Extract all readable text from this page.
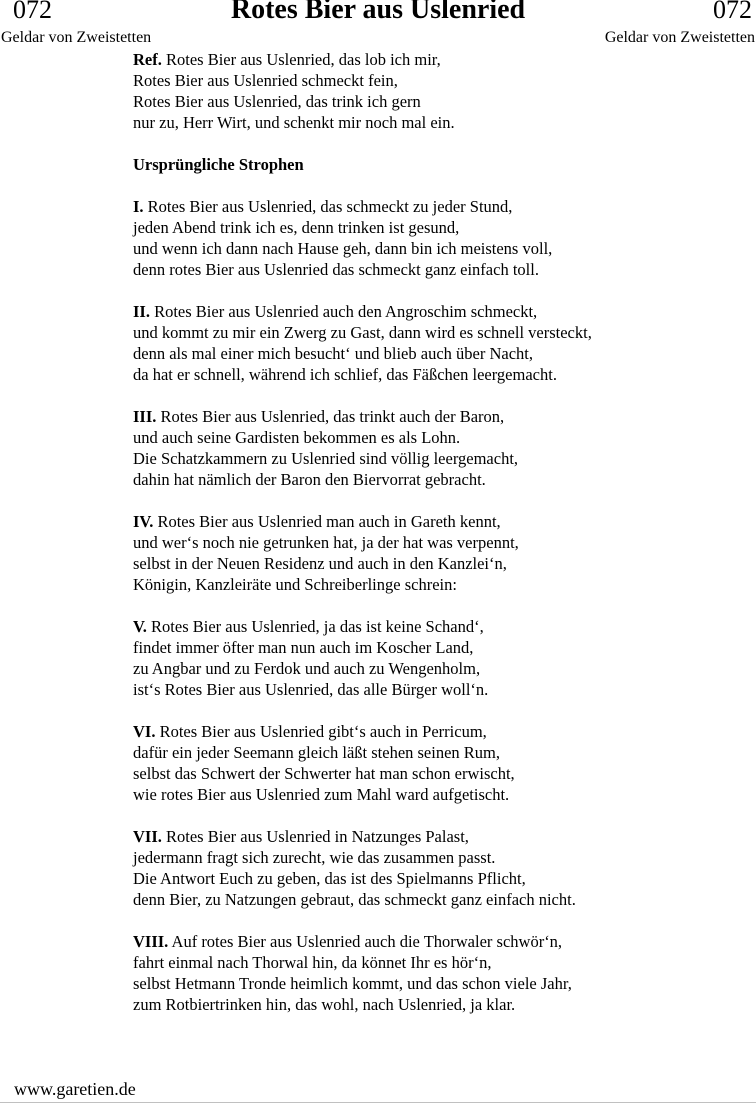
072	Rotes Bier aus Uslenried	072
Geldar von Zweistetten	Geldar von Zweistetten

Ref. Rotes Bier aus Uslenried, das lob ich mir,
Rotes Bier aus Uslenried schmeckt fein,
Rotes Bier aus Uslenried, das trink ich gern
nur zu, Herr Wirt, und schenkt mir noch mal ein.

Ursprüngliche Strophen

I. Rotes Bier aus Uslenried, das schmeckt zu jeder Stund,
jeden Abend trink ich es, denn trinken ist gesund,
und wenn ich dann nach Hause geh, dann bin ich meistens voll,
denn rotes Bier aus Uslenried das schmeckt ganz einfach toll.

II. Rotes Bier aus Uslenried auch den Angroschim schmeckt,
und kommt zu mir ein Zwerg zu Gast, dann wird es schnell versteckt,
denn als mal einer mich besucht‘ und blieb auch über Nacht,
da hat er schnell, während ich schlief, das Fäßchen leergemacht.

III. Rotes Bier aus Uslenried, das trinkt auch der Baron,
und auch seine Gardisten bekommen es als Lohn.
Die Schatzkammern zu Uslenried sind völlig leergemacht,
dahin hat nämlich der Baron den Biervorrat gebracht.

IV. Rotes Bier aus Uslenried man auch in Gareth kennt,
und wer‘s noch nie getrunken hat, ja der hat was verpennt,
selbst in der Neuen Residenz und auch in den Kanzlei‘n,
Königin, Kanzleiräte und Schreiberlinge schrein:

V. Rotes Bier aus Uslenried, ja das ist keine Schand‘,
findet immer öfter man nun auch im Koscher Land,
zu Angbar und zu Ferdok und auch zu Wengenholm,
ist‘s Rotes Bier aus Uslenried, das alle Bürger woll‘n.

VI. Rotes Bier aus Uslenried gibt‘s auch in Perricum,
dafür ein jeder Seemann gleich läßt stehen seinen Rum,
selbst das Schwert der Schwerter hat man schon erwischt,
wie rotes Bier aus Uslenried zum Mahl ward aufgetischt.

VII. Rotes Bier aus Uslenried in Natzunges Palast,
jedermann fragt sich zurecht, wie das zusammen passt.
Die Antwort Euch zu geben, das ist des Spielmanns Pflicht,
denn Bier, zu Natzungen gebraut, das schmeckt ganz einfach nicht.

VIII. Auf rotes Bier aus Uslenried auch die Thorwaler schwör‘n,
fahrt einmal nach Thorwal hin, da könnet Ihr es hör‘n,
selbst Hetmann Tronde heimlich kommt, und das schon viele Jahr,
zum Rotbiertrinken hin, das wohl, nach Uslenried, ja klar.

www.garetien.de
